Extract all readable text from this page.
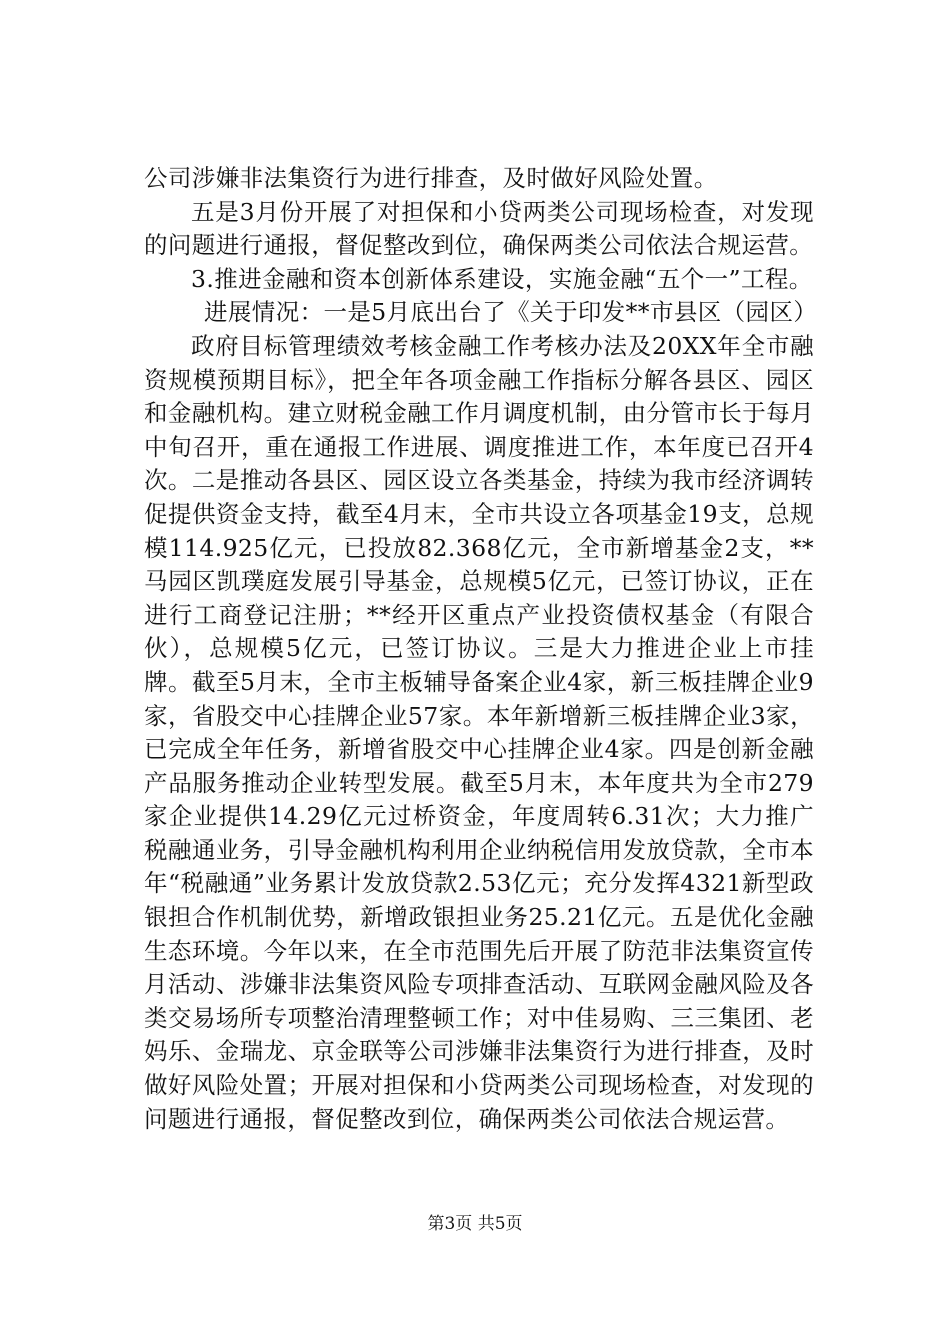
公司涉嫌非法集资行为进行排查，及时做好风险处置。

五是3月份开展了对担保和小贷两类公司现场检查，对发现的问题进行通报，督促整改到位，确保两类公司依法合规运营。

3.推进金融和资本创新体系建设，实施金融“五个一”工程。

进展情况：一是5月底出台了《关于印发**市县区（园区）

政府目标管理绩效考核金融工作考核办法及20XX年全市融资规模预期目标》，把全年各项金融工作指标分解各县区、园区和金融机构。建立财税金融工作月调度机制，由分管市长于每月中旬召开，重在通报工作进展、调度推进工作，本年度已召开4次。二是推动各县区、园区设立各类基金，持续为我市经济调转促提供资金支持，截至4月末，全市共设立各项基金19支，总规模114.925亿元，已投放82.368亿元，全市新增基金2支，**马园区凯璞庭发展引导基金，总规模5亿元，已签订协议，正在进行工商登记注册；**经开区重点产业投资债权基金（有限合伙），总规模5亿元，已签订协议。三是大力推进企业上市挂牌。截至5月末，全市主板辅导备案企业4家，新三板挂牌企业9家，省股交中心挂牌企业57家。本年新增新三板挂牌企业3家，已完成全年任务，新增省股交中心挂牌企业4家。四是创新金融产品服务推动企业转型发展。截至5月末，本年度共为全市279家企业提供14.29亿元过桥资金，年度周转6.31次；大力推广税融通业务，引导金融机构利用企业纳税信用发放贷款，全市本年“税融通”业务累计发放贷款2.53亿元；充分发挥4321新型政银担合作机制优势，新增政银担业务25.21亿元。五是优化金融生态环境。今年以来，在全市范围先后开展了防范非法集资宣传月活动、涉嫌非法集资风险专项排查活动、互联网金融风险及各类交易场所专项整治清理整顿工作；对中佳易购、三三集团、老妈乐、金瑞龙、京金联等公司涉嫌非法集资行为进行排查，及时做好风险处置；开展对担保和小贷两类公司现场检查，对发现的问题进行通报，督促整改到位，确保两类公司依法合规运营。

第3页 共5页
